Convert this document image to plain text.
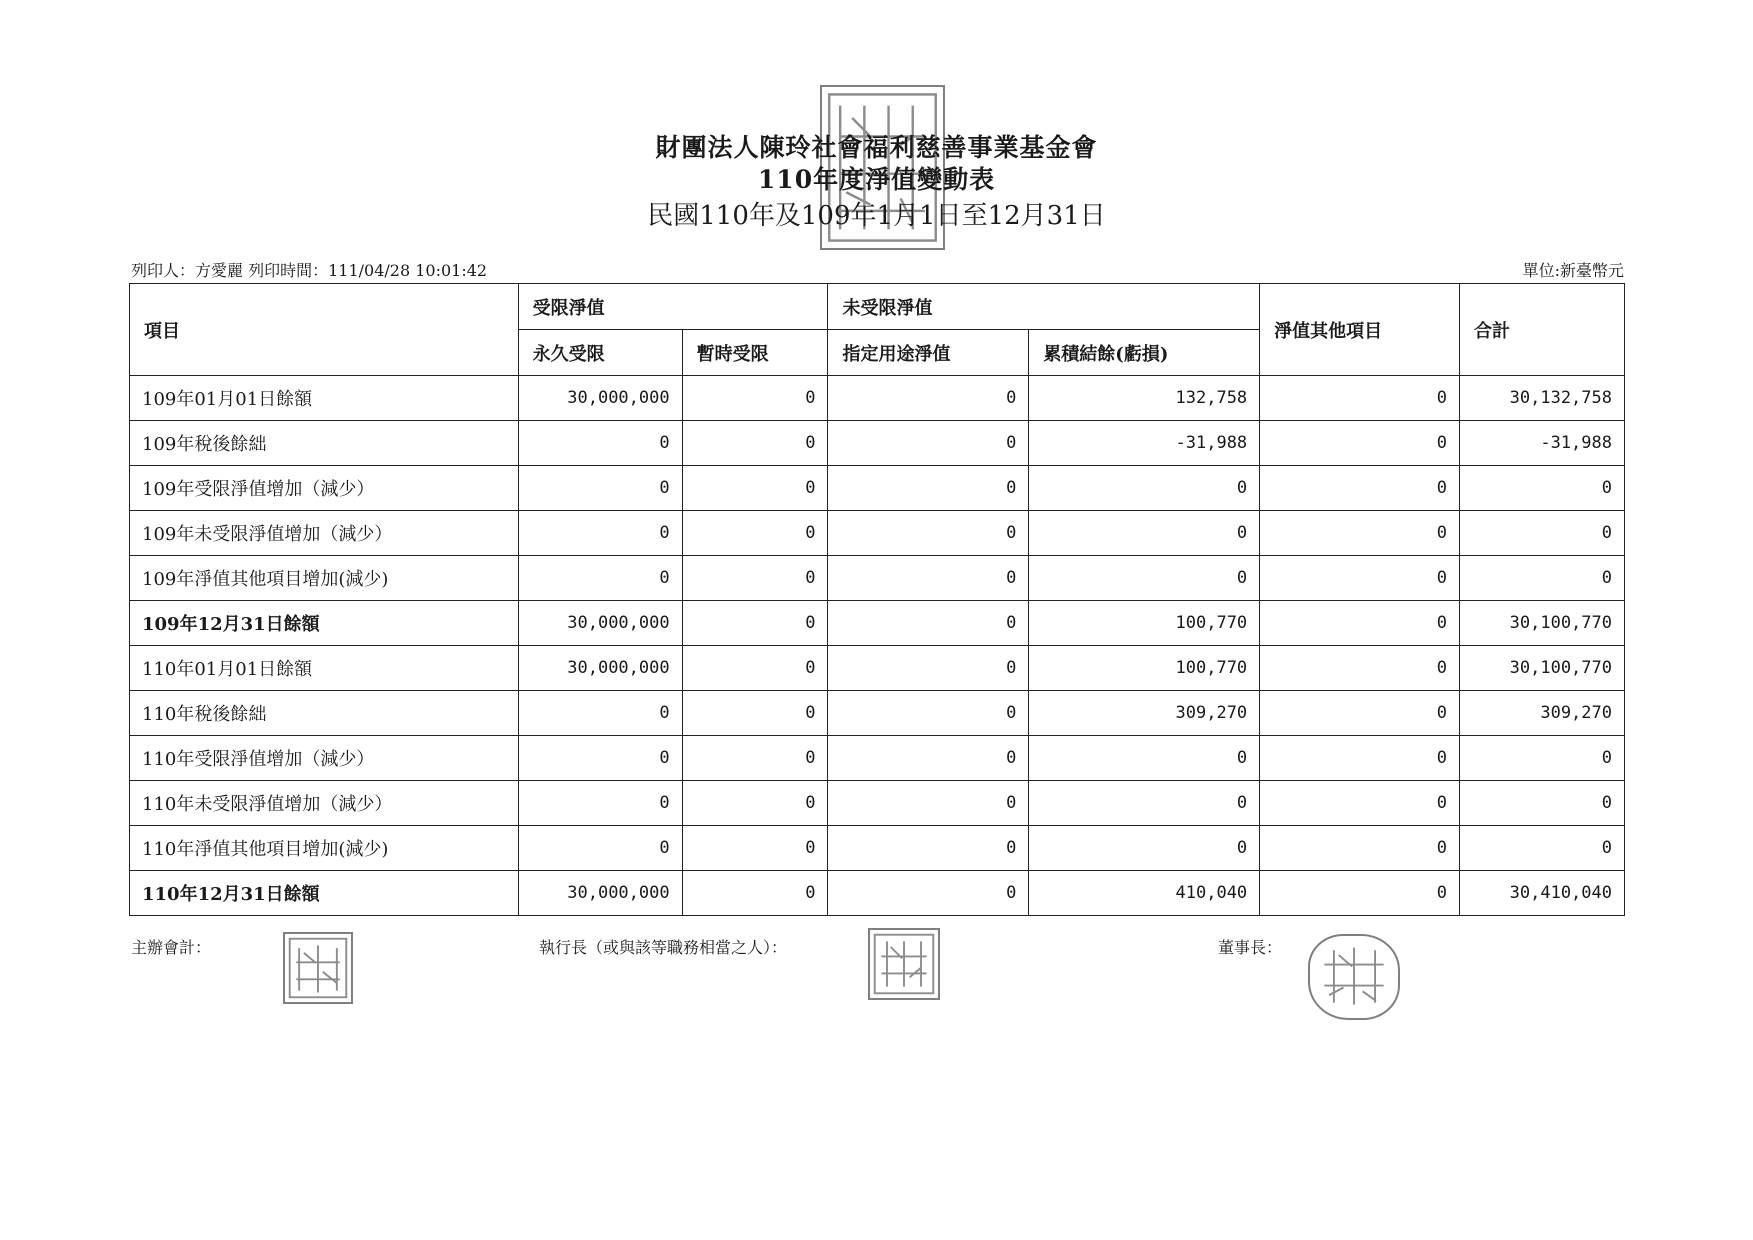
財團法人陳玲社會福利慈善事業基金會
110年度淨值變動表
民國110年及109年1月1日至12月31日
列印人：方愛麗 列印時間：111/04/28 10:01:42	單位:新臺幣元
項目	受限淨值		未受限淨值		淨值其他項目	合計
	永久受限	暫時受限	指定用途淨值	累積結餘(虧損)		
109年01月01日餘額	30,000,000	0	0	132,758	0	30,132,758
109年稅後餘絀	0	0	0	-31,988	0	-31,988
109年受限淨值增加（減少）	0	0	0	0	0	0
109年未受限淨值增加（減少）	0	0	0	0	0	0
109年淨值其他項目增加(減少)	0	0	0	0	0	0
109年12月31日餘額	30,000,000	0	0	100,770	0	30,100,770
110年01月01日餘額	30,000,000	0	0	100,770	0	30,100,770
110年稅後餘絀	0	0	0	309,270	0	309,270
110年受限淨值增加（減少）	0	0	0	0	0	0
110年未受限淨值增加（減少）	0	0	0	0	0	0
110年淨值其他項目增加(減少)	0	0	0	0	0	0
110年12月31日餘額	30,000,000	0	0	410,040	0	30,410,040
主辦會計：	執行長（或與該等職務相當之人）：	董事長：
